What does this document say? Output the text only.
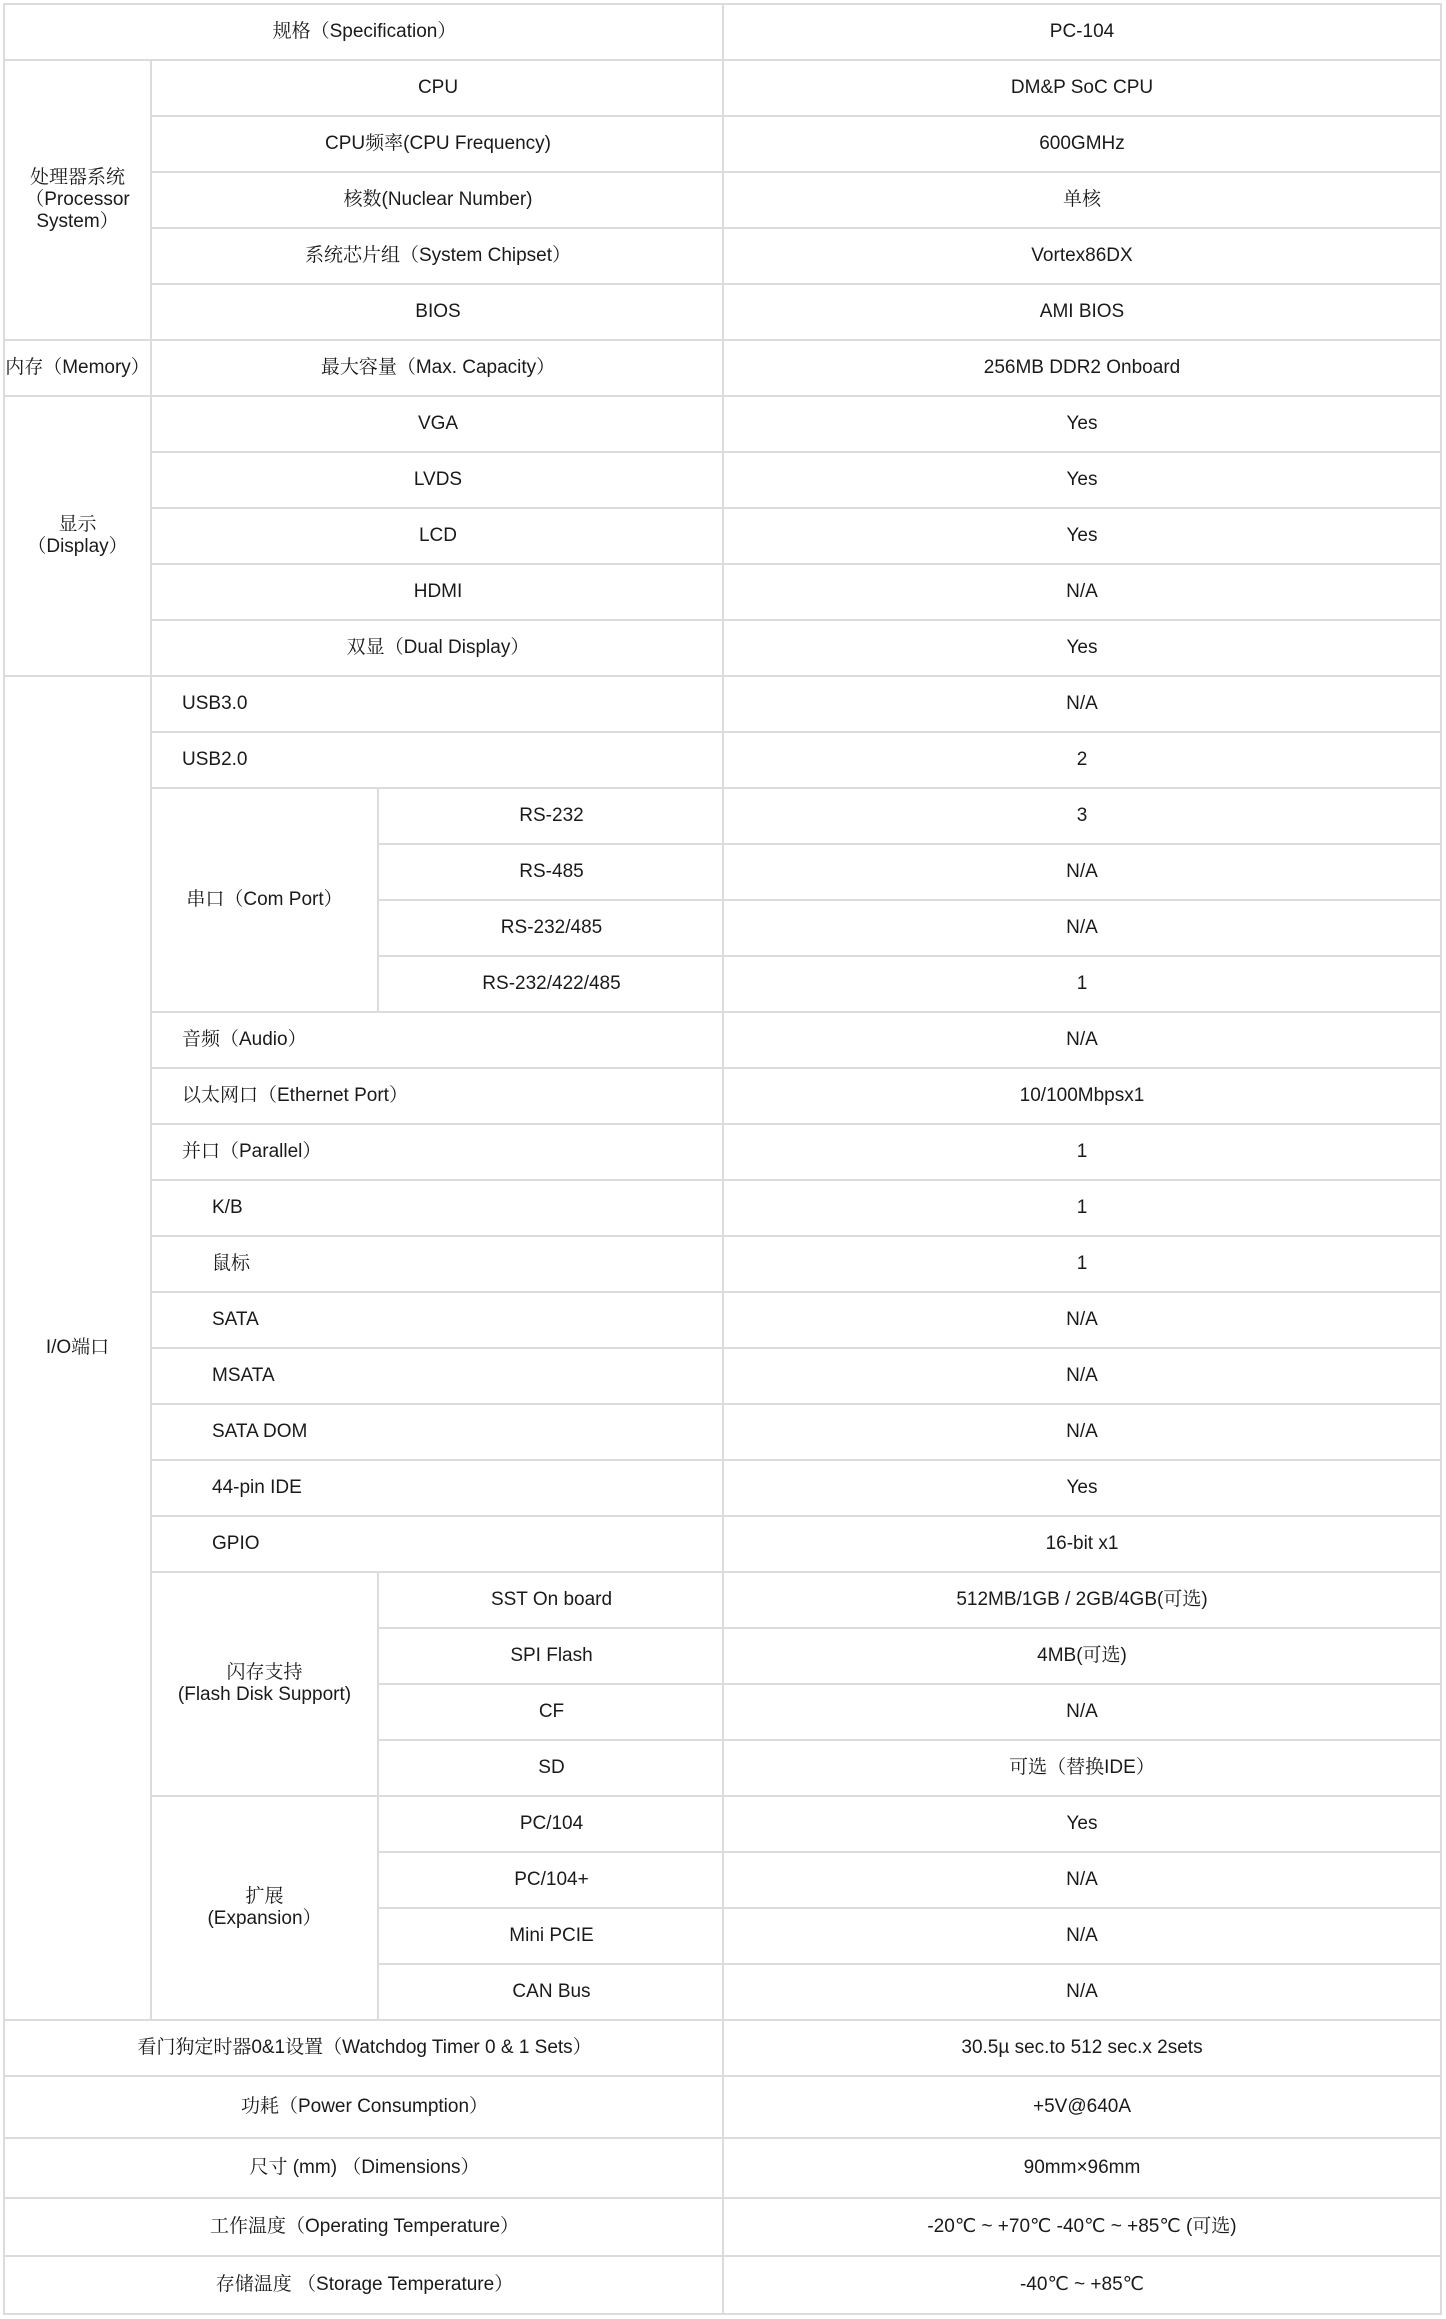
规格（Specification）	PC-104
处理器系统
（Processor
System）
CPU	DM&P SoC CPU
CPU频率(CPU Frequency)	600GMHz
核数(Nuclear Number)	单核
系统芯片组（System Chipset）	Vortex86DX
BIOS	AMI BIOS
内存（Memory）	最大容量（Max. Capacity）	256MB DDR2 Onboard
显示
（Display）
VGA	Yes
LVDS	Yes
LCD	Yes
HDMI	N/A
双显（Dual Display）	Yes
I/O端口
USB3.0	N/A
USB2.0	2
串口（Com Port）
RS-232	3
RS-485	N/A
RS-232/485	N/A
RS-232/422/485	1
音频（Audio）	N/A
以太网口（Ethernet Port）	10/100Mbpsx1
并口（Parallel）	1
K/B	1
鼠标	1
SATA	N/A
MSATA	N/A
SATA DOM	N/A
44-pin IDE	Yes
GPIO	16-bit x1
闪存支持
(Flash Disk Support)
SST On board	512MB/1GB / 2GB/4GB(可选)
SPI Flash	4MB(可选)
CF	N/A
SD	可选（替换IDE）
扩展
(Expansion）
PC/104	Yes
PC/104+	N/A
Mini PCIE	N/A
CAN Bus	N/A
看门狗定时器0&1设置（Watchdog Timer 0 & 1 Sets）	30.5µ sec.to 512 sec.x 2sets
功耗（Power Consumption）	+5V@640A
尺寸 (mm) （Dimensions）	90mm×96mm
工作温度（Operating Temperature）	-20℃ ~ +70℃ -40℃ ~ +85℃ (可选)
存储温度 （Storage Temperature）	-40℃ ~ +85℃
